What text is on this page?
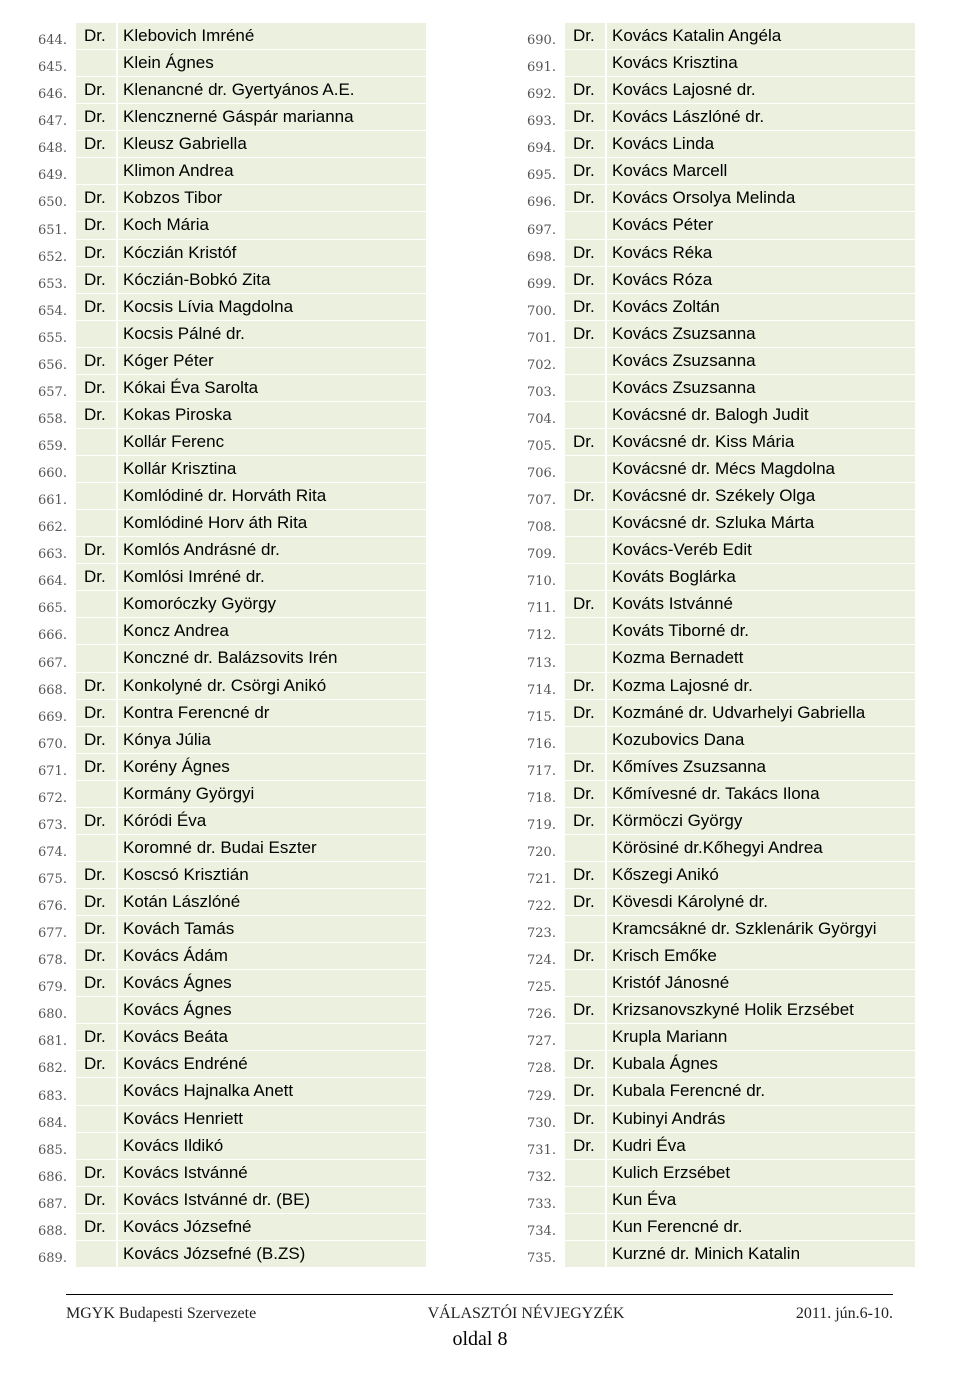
644.	Dr.	Klebovich Imréné
645.	Klein Ágnes
646.	Dr.	Klenancné dr. Gyertyános A.E.
647.	Dr.	Klencznerné Gáspár marianna
648.	Dr.	Kleusz Gabriella
649.	Klimon Andrea
650.	Dr.	Kobzos Tibor
651.	Dr.	Koch Mária
652.	Dr.	Kóczián Kristóf
653.	Dr.	Kóczián-Bobkó Zita
654.	Dr.	Kocsis Lívia Magdolna
655.	Kocsis Pálné dr.
656.	Dr.	Kóger Péter
657.	Dr.	Kókai Éva Sarolta
658.	Dr.	Kokas Piroska
659.	Kollár Ferenc
660.	Kollár Krisztina
661.	Komlódiné dr. Horváth Rita
662.	Komlódiné Horv áth Rita
663.	Dr.	Komlós Andrásné dr.
664.	Dr.	Komlósi Imréné dr.
665.	Komoróczky György
666.	Koncz Andrea
667.	Konczné dr. Balázsovits Irén
668.	Dr.	Konkolyné dr. Csörgi Anikó
669.	Dr.	Kontra Ferencné dr
670.	Dr.	Kónya Júlia
671.	Dr.	Korény Ágnes
672.	Kormány Györgyi
673.	Dr.	Kóródi Éva
674.	Koromné dr. Budai Eszter
675.	Dr.	Koscsó Krisztián
676.	Dr.	Kotán Lászlóné
677.	Dr.	Kovách Tamás
678.	Dr.	Kovács Ádám
679.	Dr.	Kovács Ágnes
680.	Kovács Ágnes
681.	Dr.	Kovács Beáta
682.	Dr.	Kovács Endréné
683.	Kovács Hajnalka Anett
684.	Kovács Henriett
685.	Kovács Ildikó
686.	Dr.	Kovács Istvánné
687.	Dr.	Kovács Istvánné dr. (BE)
688.	Dr.	Kovács Józsefné
689.	Kovács Józsefné (B.ZS)
690.	Dr.	Kovács Katalin Angéla
691.	Kovács Krisztina
692.	Dr.	Kovács Lajosné dr.
693.	Dr.	Kovács Lászlóné dr.
694.	Dr.	Kovács Linda
695.	Dr.	Kovács Marcell
696.	Dr.	Kovács Orsolya Melinda
697.	Kovács Péter
698.	Dr.	Kovács Réka
699.	Dr.	Kovács Róza
700.	Dr.	Kovács Zoltán
701.	Dr.	Kovács Zsuzsanna
702.	Kovács Zsuzsanna
703.	Kovács Zsuzsanna
704.	Kovácsné dr. Balogh Judit
705.	Dr.	Kovácsné dr. Kiss Mária
706.	Kovácsné dr. Mécs Magdolna
707.	Dr.	Kovácsné dr. Székely Olga
708.	Kovácsné dr. Szluka Márta
709.	Kovács-Veréb Edit
710.	Kováts Boglárka
711.	Dr.	Kováts Istvánné
712.	Kováts Tiborné dr.
713.	Kozma Bernadett
714.	Dr.	Kozma Lajosné dr.
715.	Dr.	Kozmáné dr. Udvarhelyi Gabriella
716.	Kozubovics Dana
717.	Dr.	Kőmíves Zsuzsanna
718.	Dr.	Kőmívesné dr. Takács Ilona
719.	Dr.	Körmöczi György
720.	Körösiné dr.Kőhegyi Andrea
721.	Dr.	Kőszegi Anikó
722.	Dr.	Kövesdi Károlyné dr.
723.	Kramcsákné dr. Szklenárik Györgyi
724.	Dr.	Krisch Emőke
725.	Kristóf Jánosné
726.	Dr.	Krizsanovszkyné Holik Erzsébet
727.	Krupla Mariann
728.	Dr.	Kubala Ágnes
729.	Dr.	Kubala Ferencné dr.
730.	Dr.	Kubinyi András
731.	Dr.	Kudri Éva
732.	Kulich Erzsébet
733.	Kun Éva
734.	Kun Ferencné dr.
735.	Kurzné dr. Minich Katalin
MGYK Budapesti Szervezete	VÁLASZTÓI NÉVJEGYZÉK	2011. jún.6-10.
oldal 8
